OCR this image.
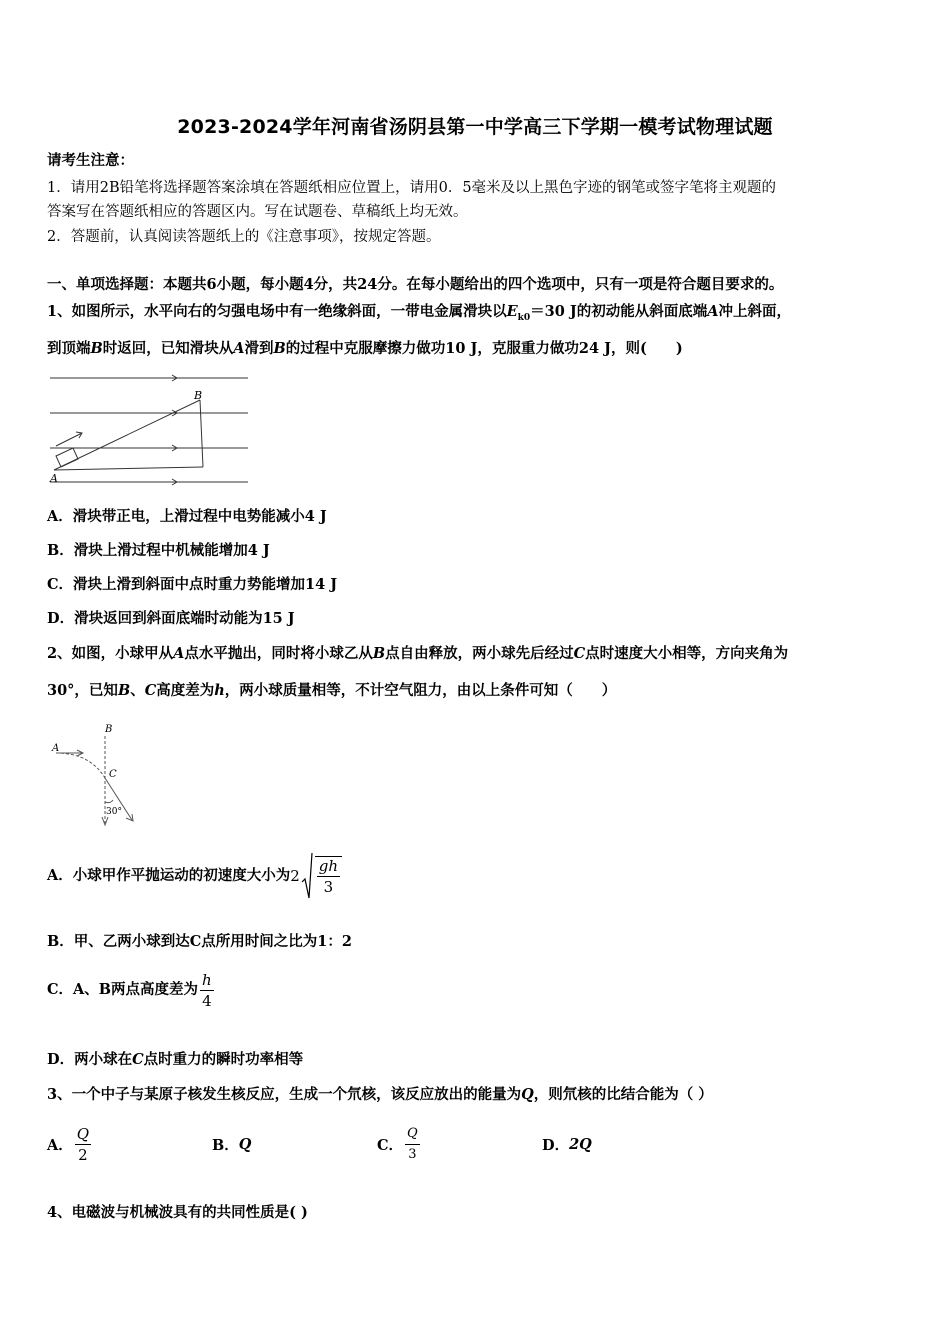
2023-2024学年河南省汤阴县第一中学高三下学期一模考试物理试题
请考生注意：
1．请用2B铅笔将选择题答案涂填在答题纸相应位置上，请用0．5毫米及以上黑色字迹的钢笔或签字笔将主观题的
答案写在答题纸相应的答题区内。写在试题卷、草稿纸上均无效。
2．答题前，认真阅读答题纸上的《注意事项》，按规定答题。
一、单项选择题：本题共6小题，每小题4分，共24分。在每小题给出的四个选项中，只有一项是符合题目要求的。
1、如图所示，水平向右的匀强电场中有一绝缘斜面，一带电金属滑块以$E_{k0}=30$ J的初动能从斜面底端A冲上斜面，
到顶端B时返回，已知滑块从A滑到B的过程中克服摩擦力做功10 J，克服重力做功24 J，则(　　)
B
A
A．滑块带正电，上滑过程中电势能减小4 J
B．滑块上滑过程中机械能增加4 J
C．滑块上滑到斜面中点时重力势能增加14 J
D．滑块返回到斜面底端时动能为15 J
2、如图，小球甲从A点水平抛出，同时将小球乙从B点自由释放，两小球先后经过C点时速度大小相等，方向夹角为
30°，已知B、C高度差为h，两小球质量相等，不计空气阻力，由以上条件可知（　　）
B
A
C
30°
A．小球甲作平抛运动的初速度大小为 $2 \frac{gh}{3}$
B．甲、乙两小球到达C点所用时间之比为1：2
C．A、B两点高度差为 $\frac{h}{4}$
D．两小球在C点时重力的瞬时功率相等
3、一个中子与某原子核发生核反应，生成一个氘核，该反应放出的能量为Q，则氘核的比结合能为（ ）
A． $\frac{Q}{2}$	B． Q	C． $\frac{Q}{3}$	D． 2Q
4、电磁波与机械波具有的共同性质是( )
